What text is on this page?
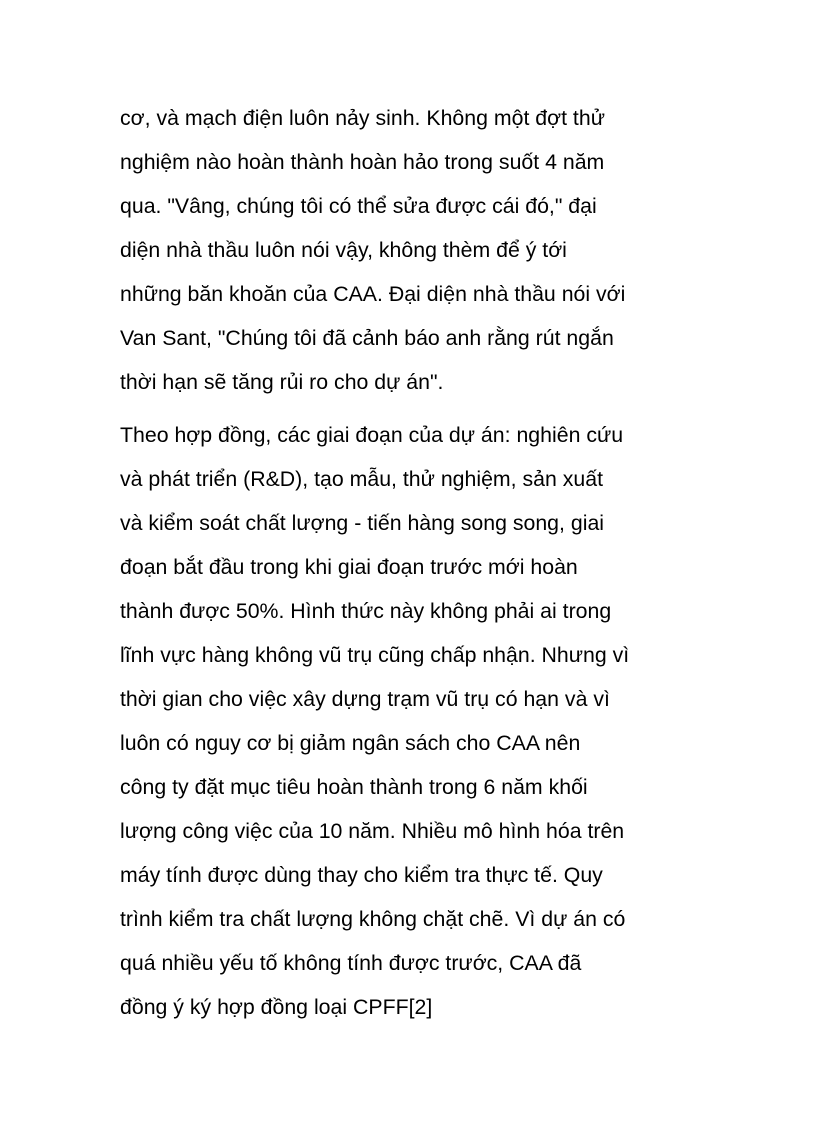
cơ, và mạch điện luôn nảy sinh. Không một đợt thử
nghiệm nào hoàn thành hoàn hảo trong suốt 4 năm
qua. "Vâng, chúng tôi có thể sửa được cái đó," đại
diện nhà thầu luôn nói vậy, không thèm để ý tới
những băn khoăn của CAA. Đại diện nhà thầu nói với
Van Sant, "Chúng tôi đã cảnh báo anh rằng rút ngắn
thời hạn sẽ tăng rủi ro cho dự án".
Theo hợp đồng, các giai đoạn của dự án: nghiên cứu
và phát triển (R&D), tạo mẫu, thử nghiệm, sản xuất
và kiểm soát chất lượng - tiến hàng song song, giai
đoạn bắt đầu trong khi giai đoạn trước mới hoàn
thành được 50%. Hình thức này không phải ai trong
lĩnh vực hàng không vũ trụ cũng chấp nhận. Nhưng vì
thời gian cho việc xây dựng trạm vũ trụ có hạn và vì
luôn có nguy cơ bị giảm ngân sách cho CAA nên
công ty đặt mục tiêu hoàn thành trong 6 năm khối
lượng công việc của 10 năm. Nhiều mô hình hóa trên
máy tính được dùng thay cho kiểm tra thực tế. Quy
trình kiểm tra chất lượng không chặt chẽ. Vì dự án có
quá nhiều yếu tố không tính được trước, CAA đã
đồng ý ký hợp đồng loại CPFF[2]
